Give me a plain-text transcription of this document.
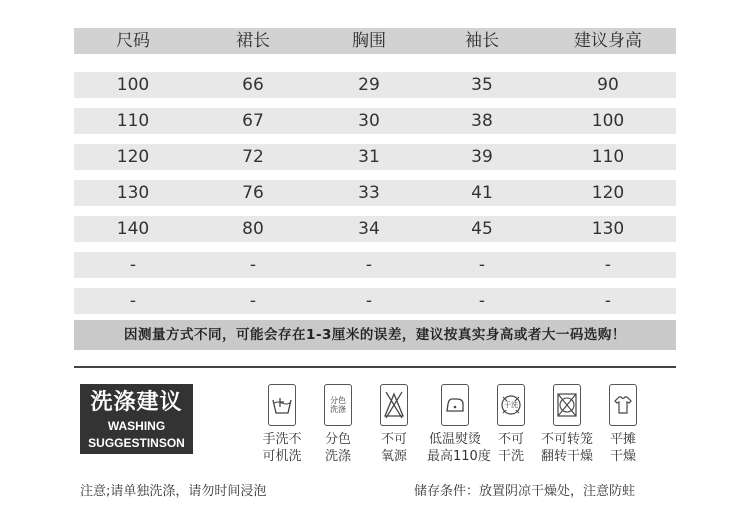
尺码	裙长	胸围	袖长	建议身高
100	66	29	35	90
110	67	30	38	100
120	72	31	39	110
130	76	33	41	120
140	80	34	45	130
-	-	-	-	-
-	-	-	-	-
因测量方式不同，可能会存在1-3厘米的误差，建议按真实身高或者大一码选购！
洗涤建议
WASHING
SUGGESTINSON	手洗不
可机洗
分色洗涤
分色
洗涤
不可
氧源
低温熨烫
最高110度
干洗
不可
干洗
不可转笼
翻转干燥
平摊
干燥
注意;请单独洗涤，请勿时间浸泡	储存条件：放置阴凉干燥处，注意防蛀
